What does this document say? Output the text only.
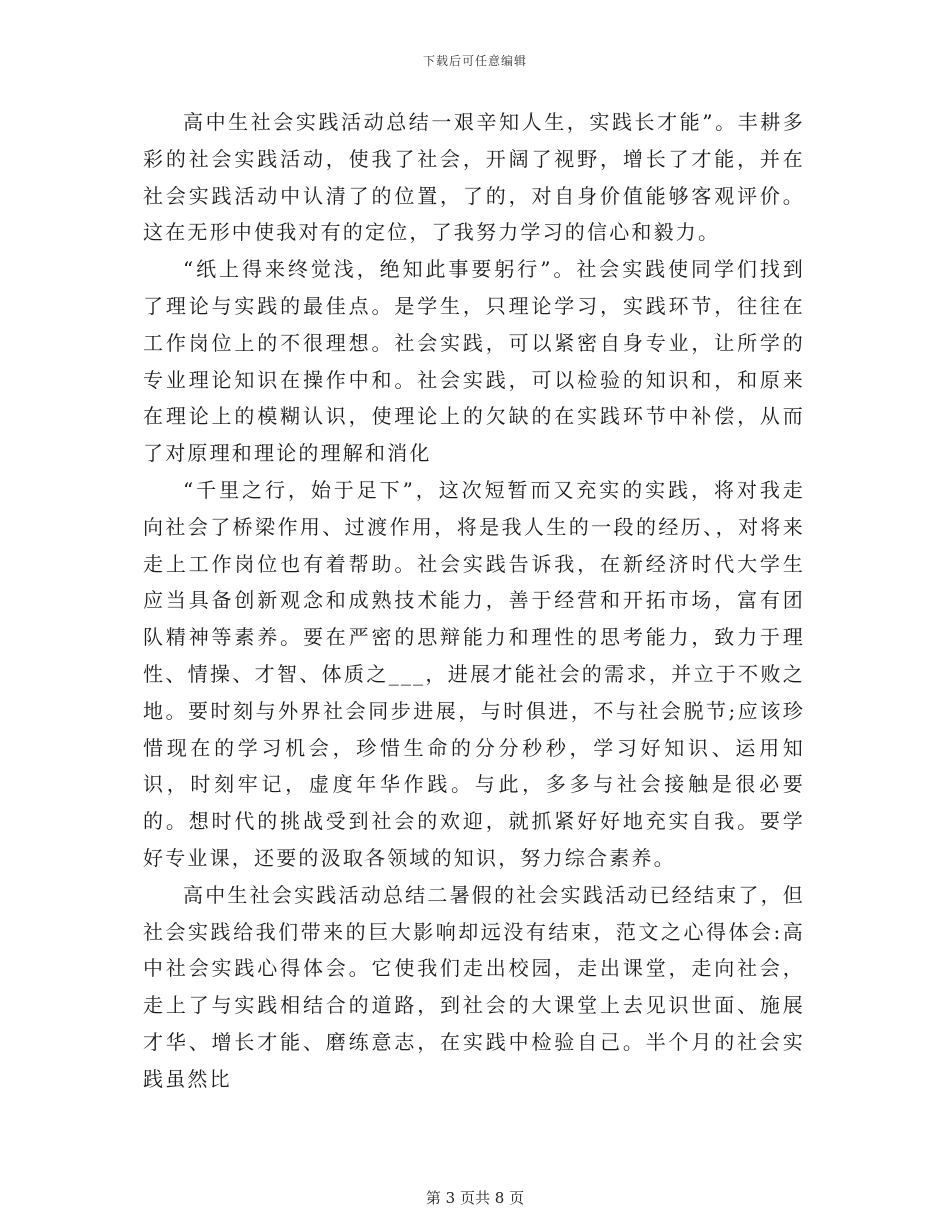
下载后可任意编辑

高中生社会实践活动总结一艰辛知人生，实践长才能”。丰耕多彩的社会实践活动，使我了社会，开阔了视野，增长了才能，并在社会实践活动中认清了的位置，了的，对自身价值能够客观评价。这在无形中使我对有的定位，了我努力学习的信心和毅力。

“纸上得来终觉浅，绝知此事要躬行”。社会实践使同学们找到了理论与实践的最佳点。是学生，只理论学习，实践环节，往往在工作岗位上的不很理想。社会实践，可以紧密自身专业，让所学的专业理论知识在操作中和。社会实践，可以检验的知识和，和原来在理论上的模糊认识，使理论上的欠缺的在实践环节中补偿，从而了对原理和理论的理解和消化

“千里之行，始于足下”，这次短暂而又充实的实践，将对我走向社会了桥梁作用、过渡作用，将是我人生的一段的经历、，对将来走上工作岗位也有着帮助。社会实践告诉我，在新经济时代大学生应当具备创新观念和成熟技术能力，善于经营和开拓市场，富有团队精神等素养。要在严密的思辩能力和理性的思考能力，致力于理性、情操、才智、体质之___，进展才能社会的需求，并立于不败之地。要时刻与外界社会同步进展，与时俱进，不与社会脱节;应该珍惜现在的学习机会，珍惜生命的分分秒秒，学习好知识、运用知识，时刻牢记，虚度年华作践。与此，多多与社会接触是很必要的。想时代的挑战受到社会的欢迎，就抓紧好好地充实自我。要学好专业课，还要的汲取各领域的知识，努力综合素养。

高中生社会实践活动总结二暑假的社会实践活动已经结束了，但社会实践给我们带来的巨大影响却远没有结束，范文之心得体会:高中社会实践心得体会。它使我们走出校园，走出课堂，走向社会，走上了与实践相结合的道路，到社会的大课堂上去见识世面、施展才华、增长才能、磨练意志，在实践中检验自己。半个月的社会实践虽然比

第 3 页共 8 页
